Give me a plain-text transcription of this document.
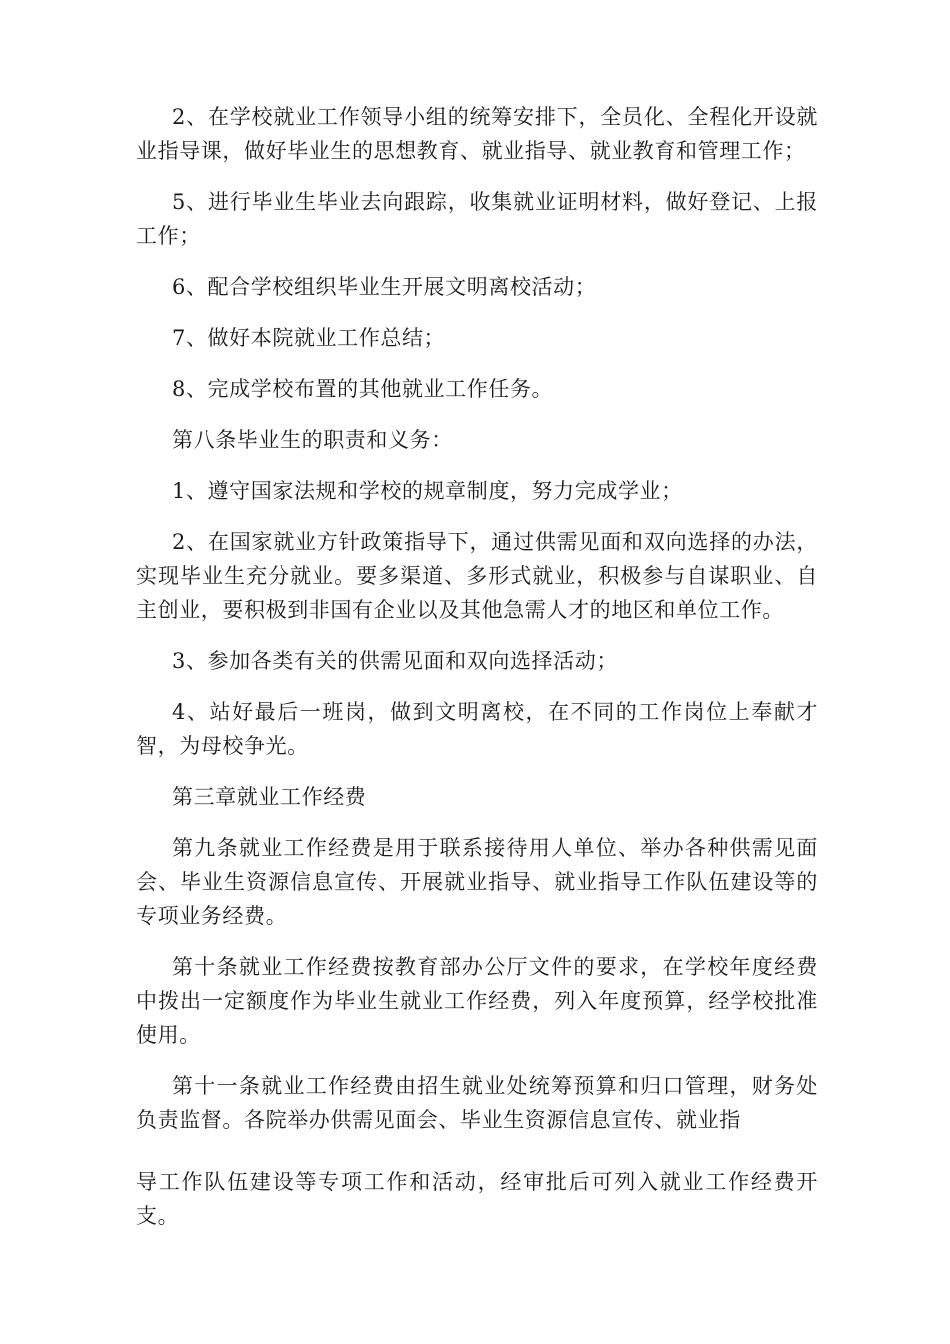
2、在学校就业工作领导小组的统筹安排下，全员化、全程化开设就业指导课，做好毕业生的思想教育、就业指导、就业教育和管理工作；

5、进行毕业生毕业去向跟踪，收集就业证明材料，做好登记、上报工作；

6、配合学校组织毕业生开展文明离校活动；

7、做好本院就业工作总结；

8、完成学校布置的其他就业工作任务。

第八条毕业生的职责和义务：

1、遵守国家法规和学校的规章制度，努力完成学业；

2、在国家就业方针政策指导下，通过供需见面和双向选择的办法，实现毕业生充分就业。要多渠道、多形式就业，积极参与自谋职业、自主创业，要积极到非国有企业以及其他急需人才的地区和单位工作。

3、参加各类有关的供需见面和双向选择活动；

4、站好最后一班岗，做到文明离校，在不同的工作岗位上奉献才智，为母校争光。

第三章就业工作经费

第九条就业工作经费是用于联系接待用人单位、举办各种供需见面会、毕业生资源信息宣传、开展就业指导、就业指导工作队伍建设等的专项业务经费。

第十条就业工作经费按教育部办公厅文件的要求，在学校年度经费中拨出一定额度作为毕业生就业工作经费，列入年度预算，经学校批准使用。

第十一条就业工作经费由招生就业处统筹预算和归口管理，财务处负责监督。各院举办供需见面会、毕业生资源信息宣传、就业指

导工作队伍建设等专项工作和活动，经审批后可列入就业工作经费开支。
